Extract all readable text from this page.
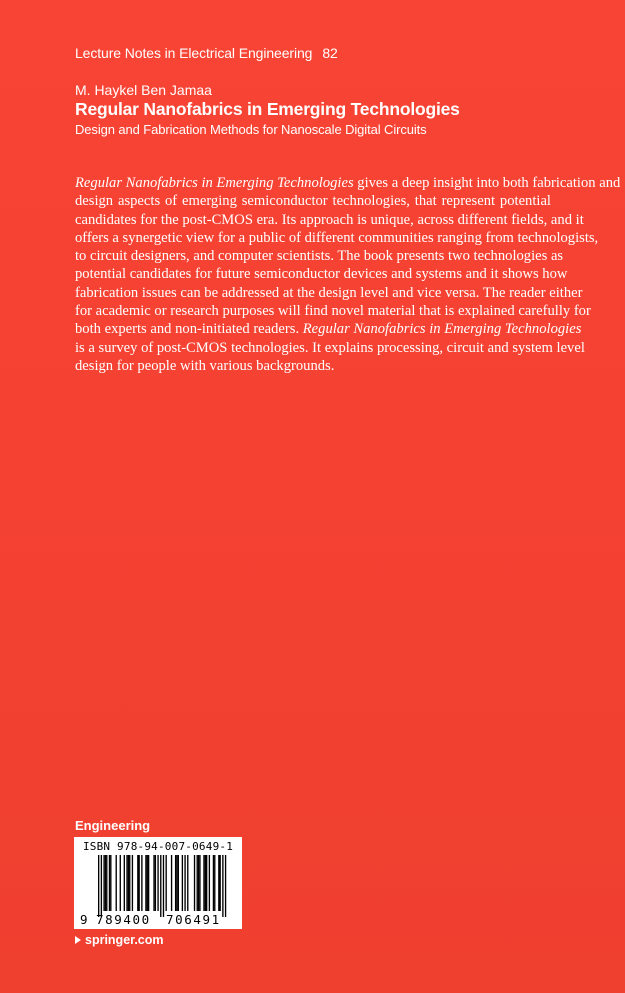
Lecture Notes in Electrical Engineering 82
M. Haykel Ben Jamaa
Regular Nanofabrics in Emerging Technologies
Design and Fabrication Methods for Nanoscale Digital Circuits
Regular Nanofabrics in Emerging Technologies gives a deep insight into both fabrication and
design aspects of emerging semiconductor technologies, that represent potential
candidates for the post-CMOS era. Its approach is unique, across different fields, and it
offers a synergetic view for a public of different communities ranging from technologists,
to circuit designers, and computer scientists. The book presents two technologies as
potential candidates for future semiconductor devices and systems and it shows how
fabrication issues can be addressed at the design level and vice versa. The reader either
for academic or research purposes will find novel material that is explained carefully for
both experts and non-initiated readers. Regular Nanofabrics in Emerging Technologies
is a survey of post-CMOS technologies. It explains processing, circuit and system level
design for people with various backgrounds.
Engineering
ISBN 978-94-007-0649-1
9 789400 706491
springer.com
